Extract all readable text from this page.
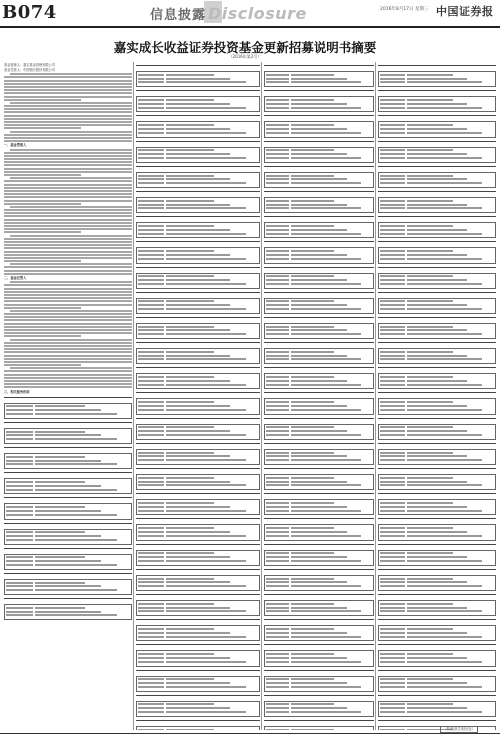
B074	信息披露 Disclosure	2016年8月17日 星期三 中国证券报
嘉实成长收益证券投资基金更新招募说明书摘要
（2016年第2号）
基金管理人：嘉实基金管理有限公司
基金托管人：中国银行股份有限公司
一、基金管理人
二、基金托管人
三、相关服务机构
（转载请注明出处）
